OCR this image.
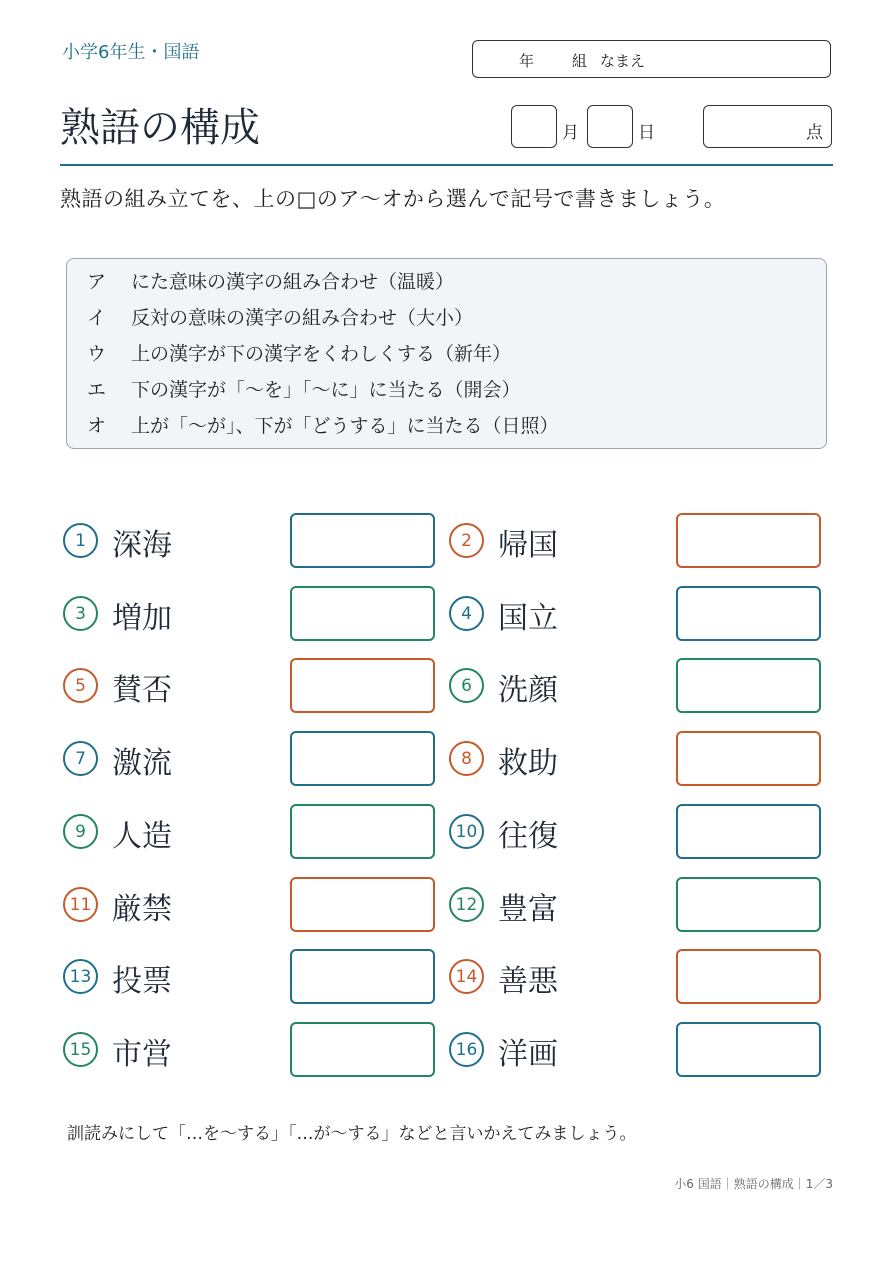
小学6年生・国語	年	組 なまえ
熟語の構成	月	日	点
熟語の組み立てを、上の□のア〜オから選んで記号で書きましょう。
ア にた意味の漢字の組み合わせ（温暖）
イ 反対の意味の漢字の組み合わせ（大小）
ウ 上の漢字が下の漢字をくわしくする（新年）
エ 下の漢字が「〜を」「〜に」に当たる（開会）
オ 上が「〜が」、下が「どうする」に当たる（日照）
1 深海	2 帰国
3 増加	4 国立
5 賛否	6 洗顔
7 激流	8 救助
9 人造	10 往復
11 厳禁	12 豊富
13 投票	14 善悪
15 市営	16 洋画
訓読みにして「…を〜する」「…が〜する」などと言いかえてみましょう。
小6 国語｜熟語の構成｜1／3
